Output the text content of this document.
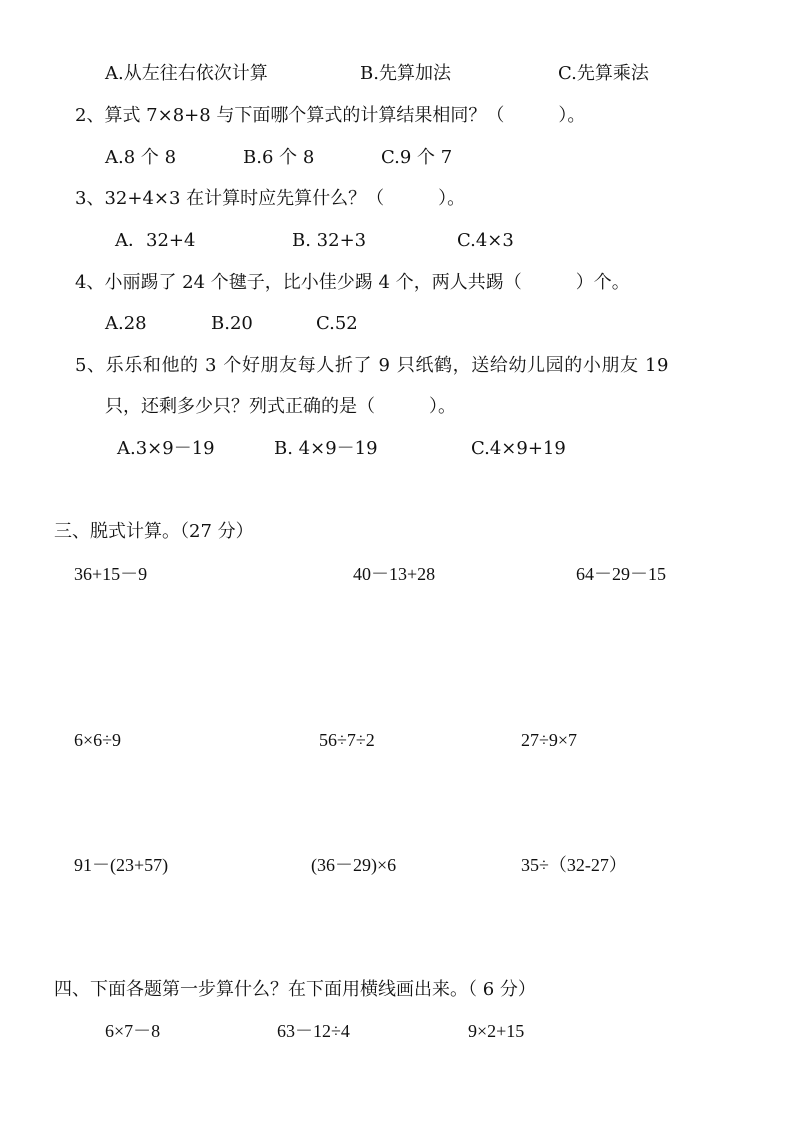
A.从左往右依次计算	B.先算加法	C.先算乘法
2、算式 7×8+8 与下面哪个算式的计算结果相同？（　　　）。
A.8 个 8	B.6 个 8	C.9 个 7
3、32+4×3 在计算时应先算什么？（　　　）。
A．32+4	B. 32+3	C.4×3
4、小丽踢了 24 个毽子，比小佳少踢 4 个，两人共踢（　　　）个。
A.28	B.20	C.52
5、乐乐和他的 3 个好朋友每人折了 9 只纸鹤，送给幼儿园的小朋友 19
只，还剩多少只？列式正确的是（　　　）。
A.3×9－19	B. 4×9－19	C.4×9+19
三、脱式计算。（27 分）
36+15－9	40－13+28	64－29－15
6×6÷9	56÷7÷2	27÷9×7
91－(23+57)	(36－29)×6	35÷（32-27）
四、下面各题第一步算什么？在下面用横线画出来。（ 6 分）
6×7－8	63－12÷4	9×2+15
